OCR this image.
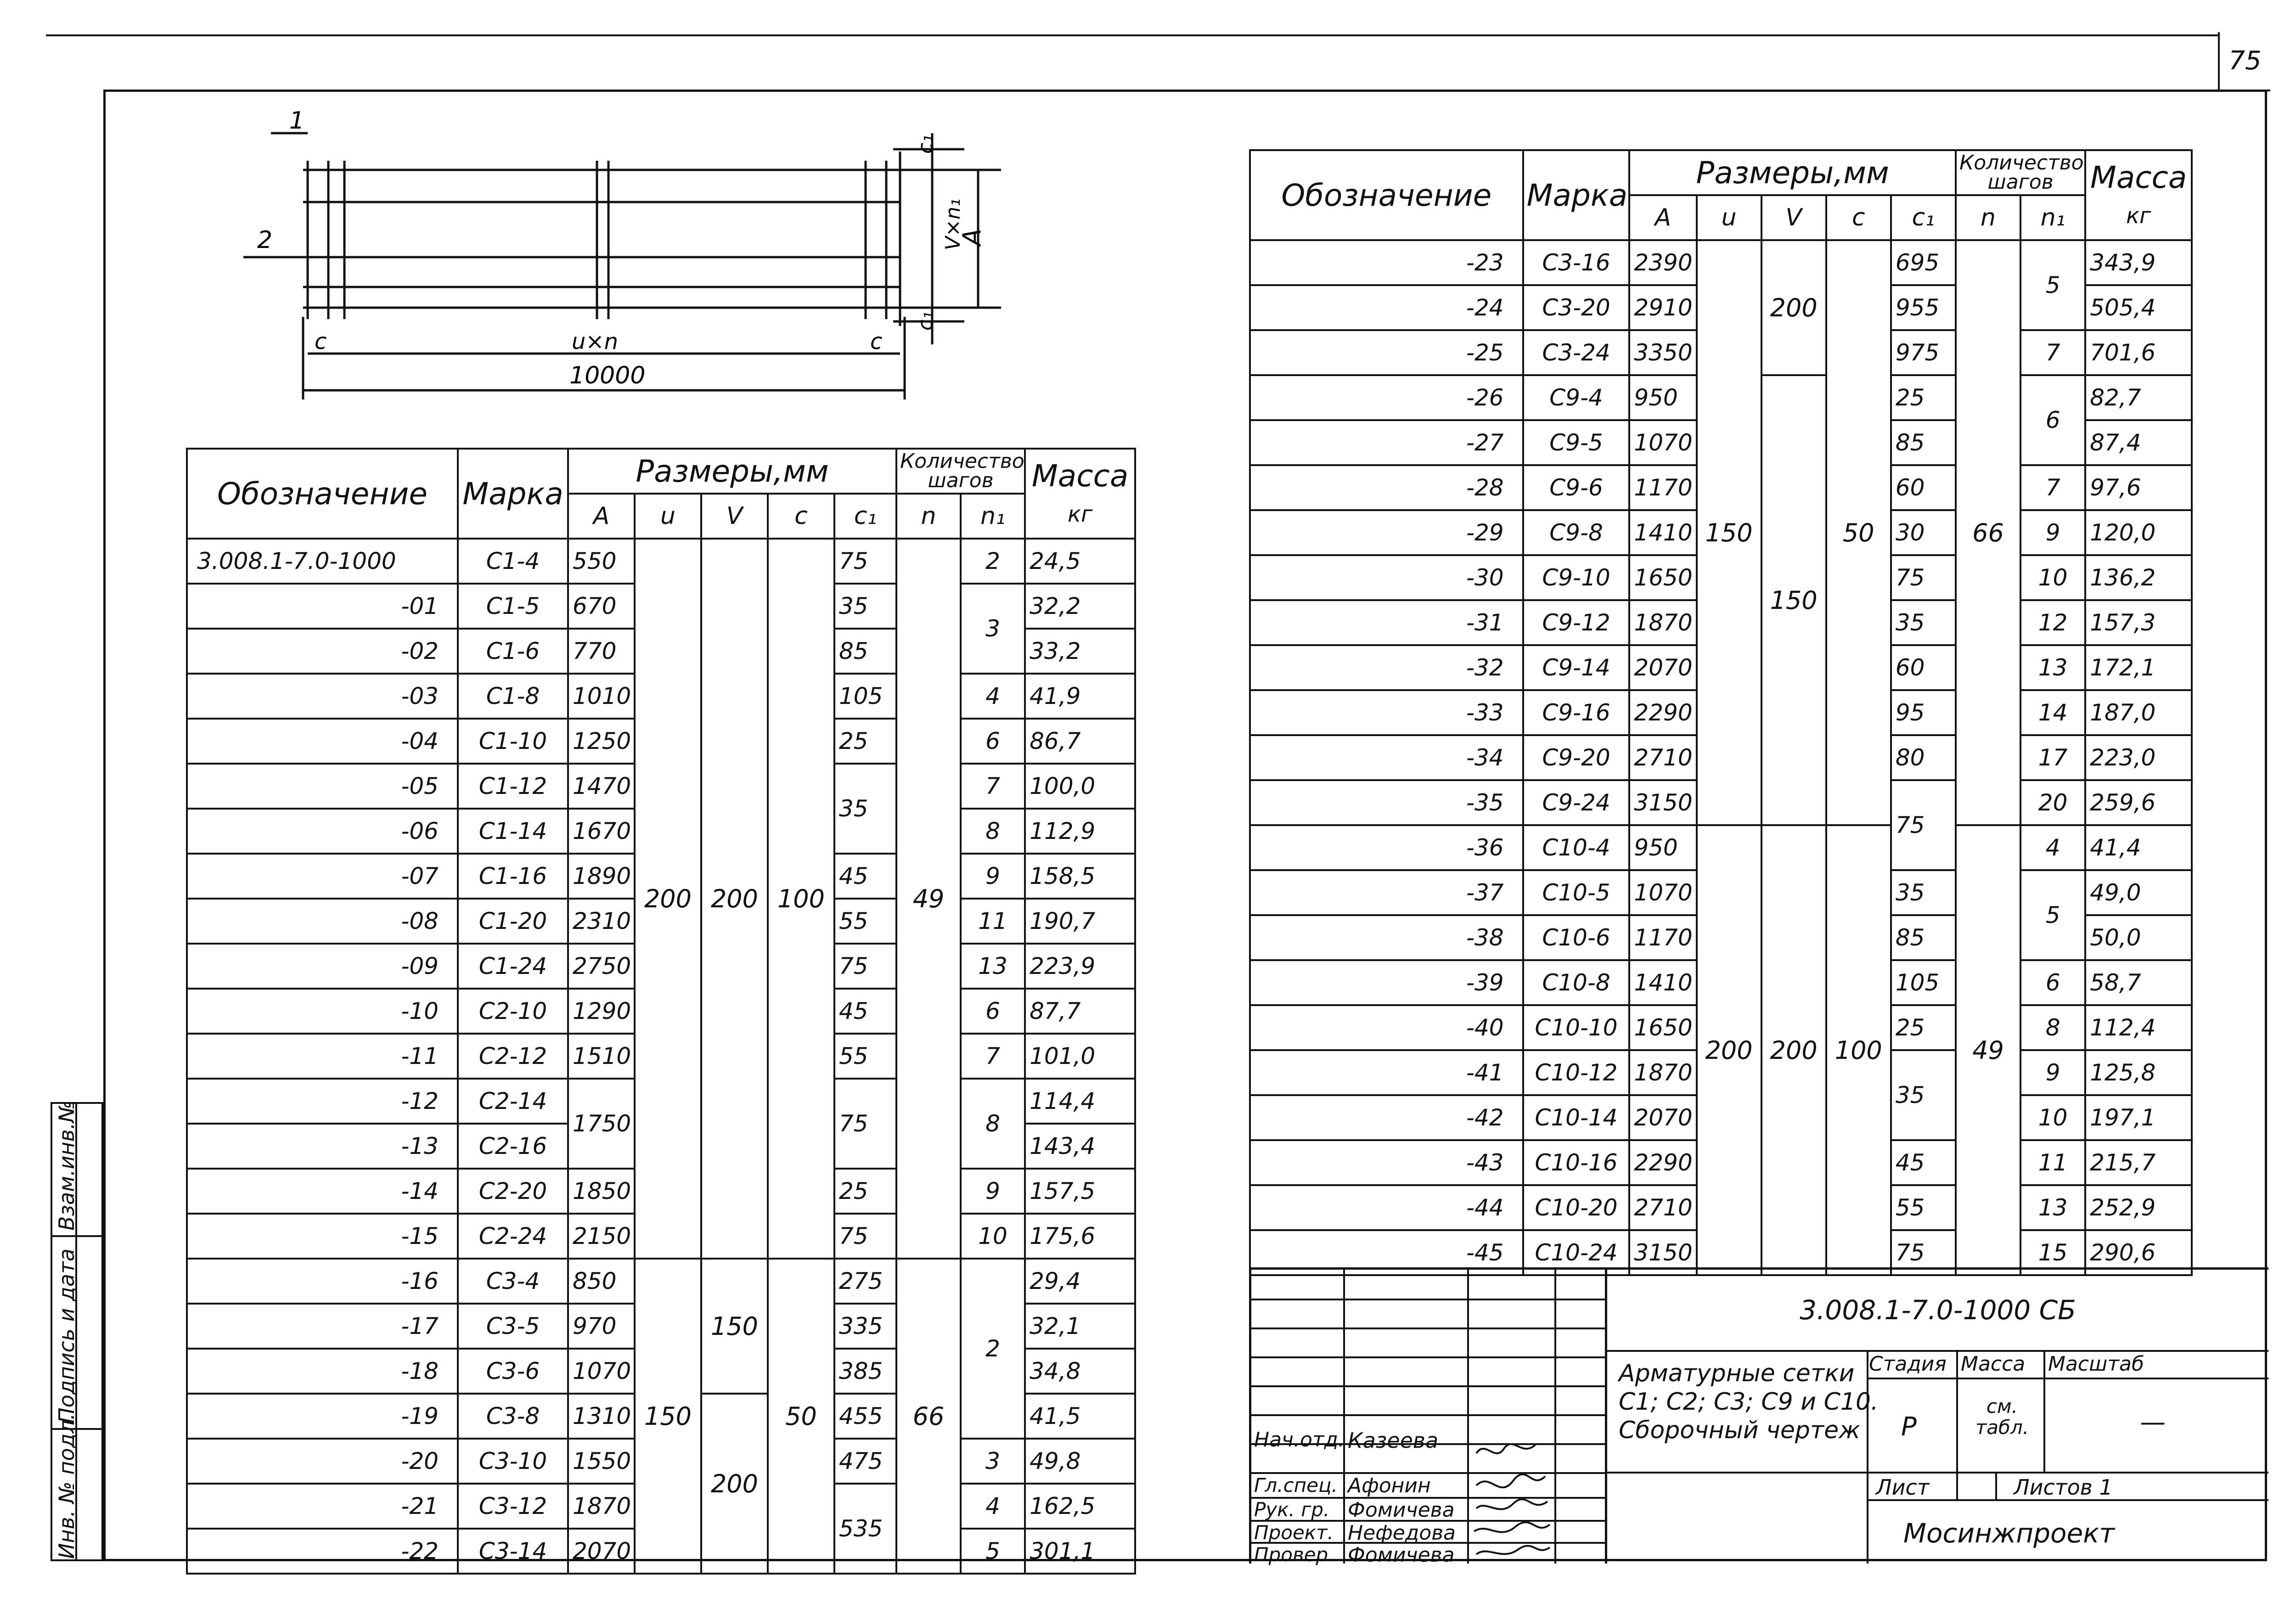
75
Взам.инв.№
Подпись и дата
Инв. № подл.
1
2
c	u×n	c
10000
c₁
V×n₁
A
c₁
Обозначение	Марка	Размеры,мм					Количество шагов		Масса
кг
		A	u	V	c	c₁	n	n₁	
3.008.1-7.0-1000	С1-4	550	200	200	100	75	49	2	24,5
-01	С1-5	670				35		3	32,2
-02	С1-6	770				85			33,2
-03	С1-8	1010				105		4	41,9
-04	С1-10	1250				25		6	86,7
-05	С1-12	1470				35		7	100,0
-06	С1-14	1670						8	112,9
-07	С1-16	1890				45		9	158,5
-08	С1-20	2310				55		11	190,7
-09	С1-24	2750				75		13	223,9
-10	С2-10	1290				45		6	87,7
-11	С2-12	1510				55		7	101,0
-12	С2-14	1750				75		8	114,4
-13	С2-16								143,4
-14	С2-20	1850				25		9	157,5
-15	С2-24	2150				75		10	175,6
-16	С3-4	850	150	150	50	275	66	2	29,4
-17	С3-5	970				335			32,1
-18	С3-6	1070				385			34,8
-19	С3-8	1310		200		455			41,5
-20	С3-10	1550				475		3	49,8
-21	С3-12	1870				535		4	162,5
-22	С3-14	2070						5	301,1
Обозначение	Марка	Размеры,мм					Количество шагов		Масса
кг
		A	u	V	c	c₁	n	n₁	
-23	С3-16	2390	150	200	50	695	66	5	343,9
-24	С3-20	2910				955			505,4
-25	С3-24	3350				975		7	701,6
-26	С9-4	950		150		25		6	82,7
-27	С9-5	1070				85			87,4
-28	С9-6	1170				60		7	97,6
-29	С9-8	1410				30		9	120,0
-30	С9-10	1650				75		10	136,2
-31	С9-12	1870				35		12	157,3
-32	С9-14	2070				60		13	172,1
-33	С9-16	2290				95		14	187,0
-34	С9-20	2710				80		17	223,0
-35	С9-24	3150				75		20	259,6
-36	С10-4	950	200	200	100		49	4	41,4
-37	С10-5	1070				35		5	49,0
-38	С10-6	1170				85			50,0
-39	С10-8	1410				105		6	58,7
-40	С10-10	1650				25		8	112,4
-41	С10-12	1870				35		9	125,8
-42	С10-14	2070						10	197,1
-43	С10-16	2290				45		11	215,7
-44	С10-20	2710				55		13	252,9
-45	С10-24	3150				75		15	290,6
Нач.отд. Казеева
Гл.спец. Афонин
Рук. гр. Фомичева
Проект. Нефедова
Провер. Фомичева
3.008.1-7.0-1000 СБ
Арматурные сетки
С1; С2; С3; С9 и С10.
Сборочный чертеж
Стадия Масса Масштаб
Р
см. табл.	—
Лист	Листов 1
Мосинжпроект
